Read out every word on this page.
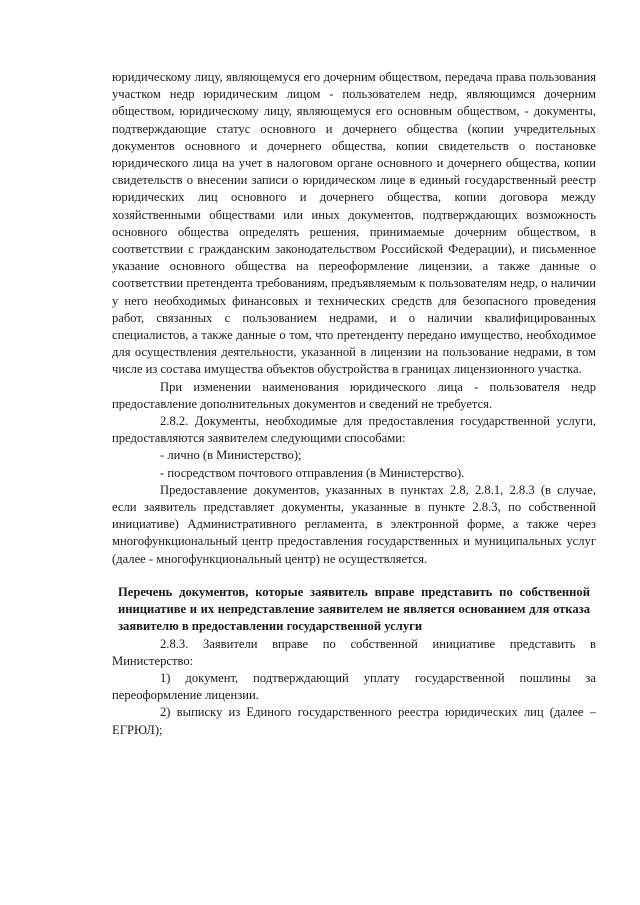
юридическому лицу, являющемуся его дочерним обществом, передача права пользования участком недр юридическим лицом - пользователем недр, являющимся дочерним обществом, юридическому лицу, являющемуся его основным обществом, - документы, подтверждающие статус основного и дочернего общества (копии учредительных документов основного и дочернего общества, копии свидетельств о постановке юридического лица на учет в налоговом органе основного и дочернего общества, копии свидетельств о внесении записи о юридическом лице в единый государственный реестр юридических лиц основного и дочернего общества, копии договора между хозяйственными обществами или иных документов, подтверждающих возможность основного общества определять решения, принимаемые дочерним обществом, в соответствии с гражданским законодательством Российской Федерации), и письменное указание основного общества на переоформление лицензии, а также данные о соответствии претендента требованиям, предъявляемым к пользователям недр, о наличии у него необходимых финансовых и технических средств для безопасного проведения работ, связанных с пользованием недрами, и о наличии квалифицированных специалистов, а также данные о том, что претенденту передано имущество, необходимое для осуществления деятельности, указанной в лицензии на пользование недрами, в том числе из состава имущества объектов обустройства в границах лицензионного участка.

При изменении наименования юридического лица - пользователя недр предоставление дополнительных документов и сведений не требуется.

2.8.2. Документы, необходимые для предоставления государственной услуги, предоставляются заявителем следующими способами:

- лично (в Министерство);

- посредством почтового отправления (в Министерство).

Предоставление документов, указанных в пунктах 2.8, 2.8.1, 2.8.3 (в случае, если заявитель представляет документы, указанные в пункте 2.8.3, по собственной инициативе) Административного регламента, в электронной форме, а также через многофункциональный центр предоставления государственных и муниципальных услуг (далее - многофункциональный центр) не осуществляется.

Перечень документов, которые заявитель вправе представить по собственной инициативе и их непредставление заявителем не является основанием для отказа заявителю в предоставлении государственной услуги

2.8.3. Заявители вправе по собственной инициативе представить в Министерство:

1) документ, подтверждающий уплату государственной пошлины за переоформление лицензии.

2) выписку из Единого государственного реестра юридических лиц (далее – ЕГРЮЛ);
